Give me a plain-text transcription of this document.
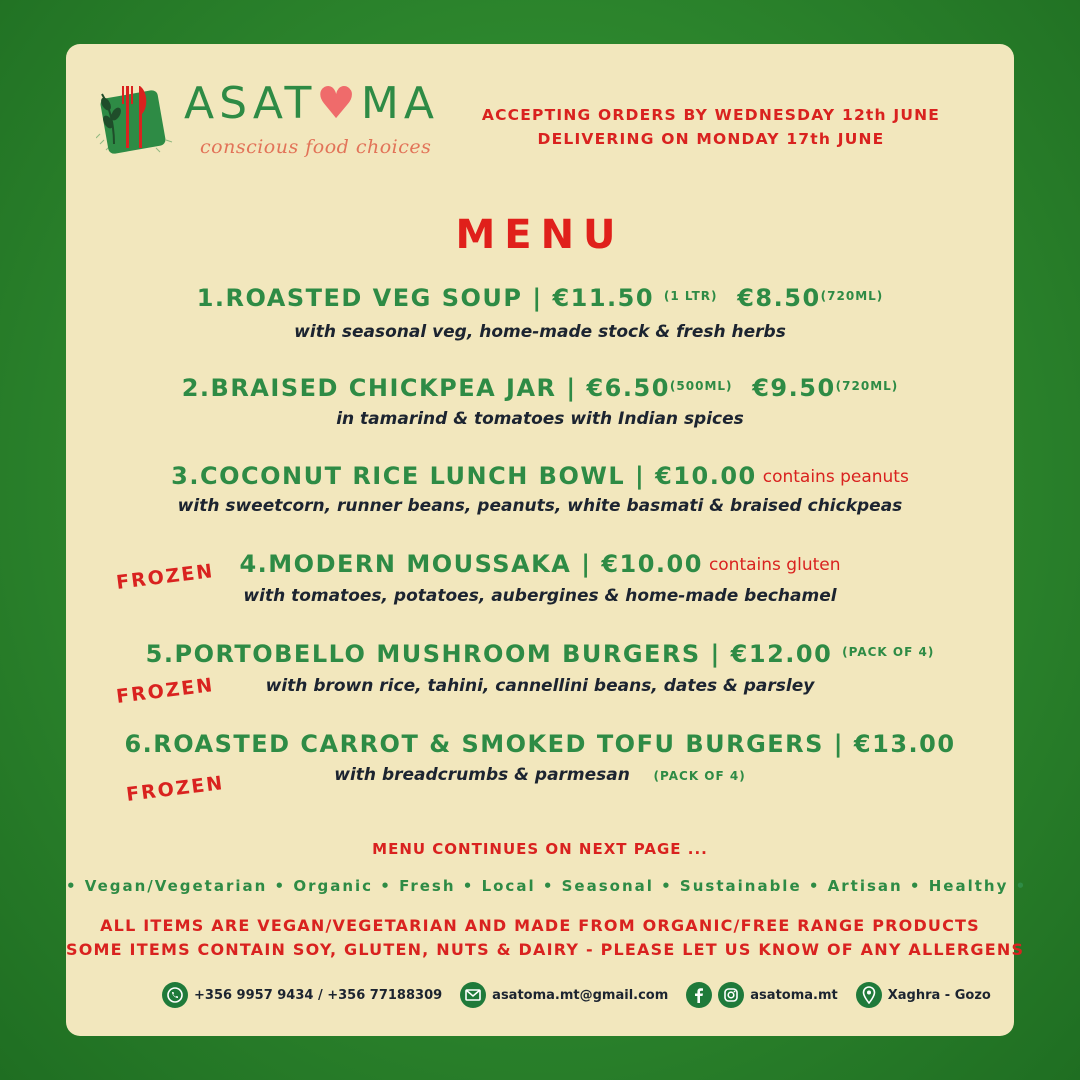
ASAT♥MA
conscious food choices
ACCEPTING ORDERS BY WEDNESDAY 12th JUNE
DELIVERING ON MONDAY 17th JUNE
MENU
1.ROASTED VEG SOUP | €11.50 $^{(1 LTR)}$ $€8.50^{(720ML)}$
with seasonal veg, home-made stock & fresh herbs
2.BRAISED CHICKPEA JAR | $€6.50^{(500ML)}$ $€9.50^{(720ML)}$
in tamarind & tomatoes with Indian spices
3.COCONUT RICE LUNCH BOWL | €10.00 contains peanuts
with sweetcorn, runner beans, peanuts, white basmati & braised chickpeas
4.MODERN MOUSSAKA | €10.00 contains gluten
with tomatoes, potatoes, aubergines & home-made bechamel
FROZEN
5.PORTOBELLO MUSHROOM BURGERS | €12.00 $^{(PACK OF 4)}$
with brown rice, tahini, cannellini beans, dates & parsley
FROZEN
6.ROASTED CARROT & SMOKED TOFU BURGERS | €13.00
with breadcrumbs & parmesan (PACK OF 4)
FROZEN
MENU CONTINUES ON NEXT PAGE ...
• Vegan/Vegetarian • Organic • Fresh • Local • Seasonal • Sustainable • Artisan • Healthy •
ALL ITEMS ARE VEGAN/VEGETARIAN AND MADE FROM ORGANIC/FREE RANGE PRODUCTS
SOME ITEMS CONTAIN SOY, GLUTEN, NUTS & DAIRY - PLEASE LET US KNOW OF ANY ALLERGENS
+356 9957 9434 / +356 77188309	asatoma.mt@gmail.com	asatoma.mt	Xaghra - Gozo
